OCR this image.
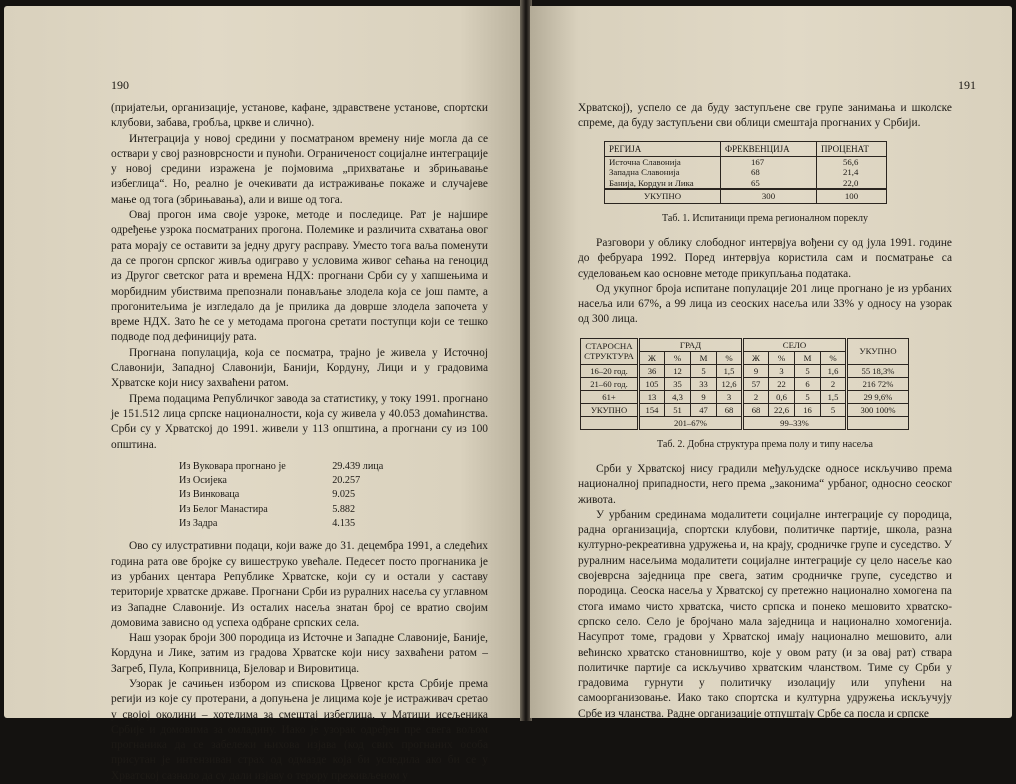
190

(пријатељи, организације, установе, кафане, здравствене установе, спортски клубови, забава, гробља, цркве и слично).

Интеграција у новој средини у посматраном времену није могла да се оствари у свој разноврсности и пуноћи. Ограниченост социјалне интеграције у новој средини изражена је појмовима „прихватање и збрињавање избеглица“. Но, реално је очекивати да истраживање покаже и случајеве мање од тога (збрињавања), али и више од тога.

Овај прогон има своје узроке, методе и последице. Рат је најшире одређење узрока посматраних прогона. Полемике и различита схватања овог рата морају се оставити за једну другу расправу. Уместо тога ваља поменути да се прогон српског живља одиграво у условима живог сећања на геноцид из Другог светског рата и времена НДХ: прогнани Срби су у хапшењима и морбидним убиствима препознали понављање злодела која се још памте, а прогонитељима је изгледало да је прилика да доврше злодела започета у време НДХ. Зато ће се у методама прогона сретати поступци који се тешко подводе под дефиницију рата.

Прогнана популација, која се посматра, трајно је живела у Источној Славонији, Западној Славонији, Банији, Кордуну, Лици и у градовима Хрватске који нису захваћени ратом.

Према подацима Републичког завода за статистику, у току 1991. прогнано је 151.512 лица српске националности, која су живела у 40.053 домаћинства. Срби су у Хрватској до 1991. живели у 113 општина, а прогнани су из 100 општина.

Из Вуковара прогнано је	29.439 лица
Из Осијека	20.257
Из Винковаца	9.025
Из Белог Манастира	5.882
Из Задра	4.135

Ово су илустративни подаци, који важе до 31. децембра 1991, а следећих година рата ове бројке су вишеструко увећале. Педесет посто прогнаника је из урбаних центара Републике Хрватске, који су и остали у саставу територије хрватске државе. Прогнани Срби из руралних насеља су углавном из Западне Славоније. Из осталих насеља знатан број се вратио својим домовима зависно од успеха одбране српских села.

Наш узорак броји 300 породица из Источне и Западне Славоније, Баније, Кордуна и Лике, затим из градова Хрватске који нису захваћени ратом – Загреб, Пула, Копривница, Бјеловар и Вировитица.

Узорак је сачињен избором из спискова Црвеног крста Србије према регији из које су протерани, а допуњена је лицима које је истраживач сретао у својој околини – хотелима за смештај избеглица, у Матици исељеника Србије и домовима за омладину. Иако је узорак одређен пре свега вољом прогнаника да се забележи њихова изјава (код свих прогнаних особа присутан је интензиван страх од одмазде која би уследила ако би се у Хрватској сазнало да су дали изјаву о терору преживљеном у

191

Хрватској), успело се да буду заступљене све групе занимања и школске спреме, да буду заступљени сви облици смештаја прогнаних у Србији.

РЕГИЈА	ФРЕКВЕНЦИЈА	ПРОЦЕНАТ
Источна Славонија	167	56,6
Западна Славонија	68	21,4
Банија, Кордун и Лика	65	22,0
УКУПНО	300	100
Таб. 1. Испитаници према регионалном пореклу

Разговори у облику слободног интервјуа вођени су од јула 1991. године до фебруара 1992. Поред интервјуа користила сам и посматрање са суделовањем као основне методе прикупљања података.

Од укупног броја испитане популације 201 лице прогнано је из урбаних насеља или 67%, а 99 лица из сеоских насеља или 33% у односу на узорак од 300 лица.

СТАРОСНА СТРУКТУРА	ГРАД				СЕЛО				УКУПНО
	Ж	%	М	%	Ж	%	М	%	
16–20 год.	36	12	5	1,5	9	3	5	1,6	55 18,3%
21–60 год.	105	35	33	12,6	57	22	6	2	216 72%
61+	13	4,3	9	3	2	0,6	5	1,5	29 9,6%
УКУПНО	154	51	47	68	68	22,6	16	5	300 100%
	201–67%				99–33%				
Таб. 2. Добна структура према полу и типу насеља

Срби у Хрватској нису градили међуљудске односе искључиво према националној припадности, него према „законима“ урбаног, односно сеоског живота.

У урбаним срединама модалитети социјалне интеграције су породица, радна организација, спортски клубови, политичке партије, школа, разна културно-рекреативна удружења и, на крају, сродничке групе и суседство. У руралним насељима модалитети социјалне интеграције су цело насеље као својеврсна заједница пре свега, затим сродничке групе, суседство и породица. Сеоска насеља у Хрватској су претежно национално хомогена па стога имамо чисто хрватска, чисто српска и понеко мешовито хрватско-српско село. Село је бројчано мала заједница и национално хомогенија. Насупрот томе, градови у Хрватској имају национално мешовито, али већинско хрватско становништво, које у овом рату (и за овај рат) ствара политичке партије са искључиво хрватским чланством. Тиме су Срби у градовима гурнути у политичку изолацију или упућени на самоорганизовање. Иако тако спортска и културна удружења искључују Србе из чланства. Радне организације отпуштају Србе са посла и српске
